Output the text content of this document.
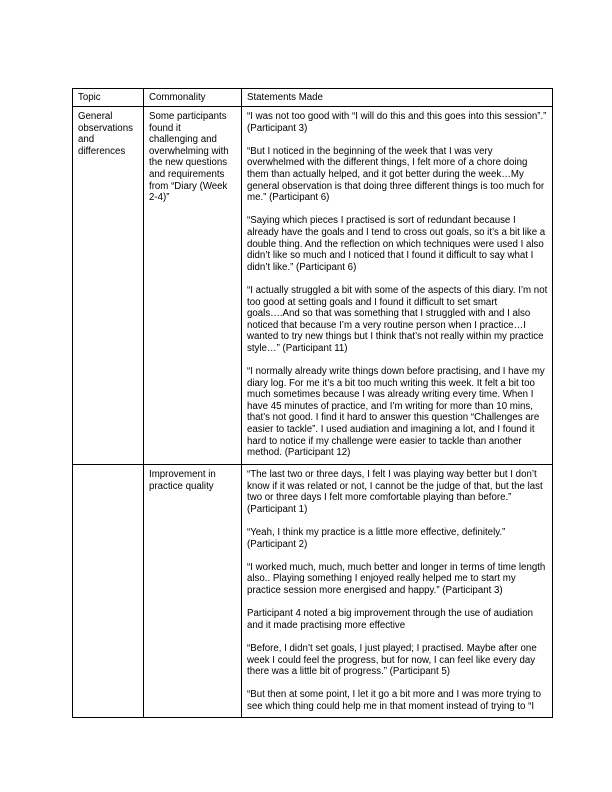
Topic	Commonality	Statements Made
General observations and differences	Some participants found it challenging and overwhelming with the new questions and requirements from “Diary (Week 2-4)”	“I was not too good with “I will do this and this goes into this session”.” (Participant 3)

“But I noticed in the beginning of the week that I was very overwhelmed with the different things, I felt more of a chore doing them than actually helped, and it got better during the week…My general observation is that doing three different things is too much for me.” (Participant 6)

“Saying which pieces I practised is sort of redundant because I already have the goals and I tend to cross out goals, so it’s a bit like a double thing. And the reflection on which techniques were used I also didn’t like so much and I noticed that I found it difficult to say what I didn’t like.” (Participant 6)

“I actually struggled a bit with some of the aspects of this diary. I’m not too good at setting goals and I found it difficult to set smart goals….And so that was something that I struggled with and I also noticed that because I’m a very routine person when I practice…I wanted to try new things but I think that’s not really within my practice style…” (Participant 11)

“I normally already write things down before practising, and I have my diary log. For me it’s a bit too much writing this week. It felt a bit too much sometimes because I was already writing every time. When I have 45 minutes of practice, and I’m writing for more than 10 mins, that’s not good. I find it hard to answer this question “Challenges are easier to tackle”. I used audiation and imagining a lot, and I found it hard to notice if my challenge were easier to tackle than another method. (Participant 12)

	Improvement in practice quality	

“The last two or three days, I felt I was playing way better but I don’t know if it was related or not, I cannot be the judge of that, but the last two or three days I felt more comfortable playing than before.” (Participant 1)

“Yeah, I think my practice is a little more effective, definitely.” (Participant 2)

“I worked much, much, much better and longer in terms of time length also.. Playing something I enjoyed really helped me to start my practice session more energised and happy.” (Participant 3)

Participant 4 noted a big improvement through the use of audiation and it made practising more effective

“Before, I didn’t set goals, I just played; I practised. Maybe after one week I could feel the progress, but for now, I can feel like every day there was a little bit of progress.” (Participant 5)

“But then at some point, I let it go a bit more and I was more trying to see which thing could help me in that moment instead of trying to “I
